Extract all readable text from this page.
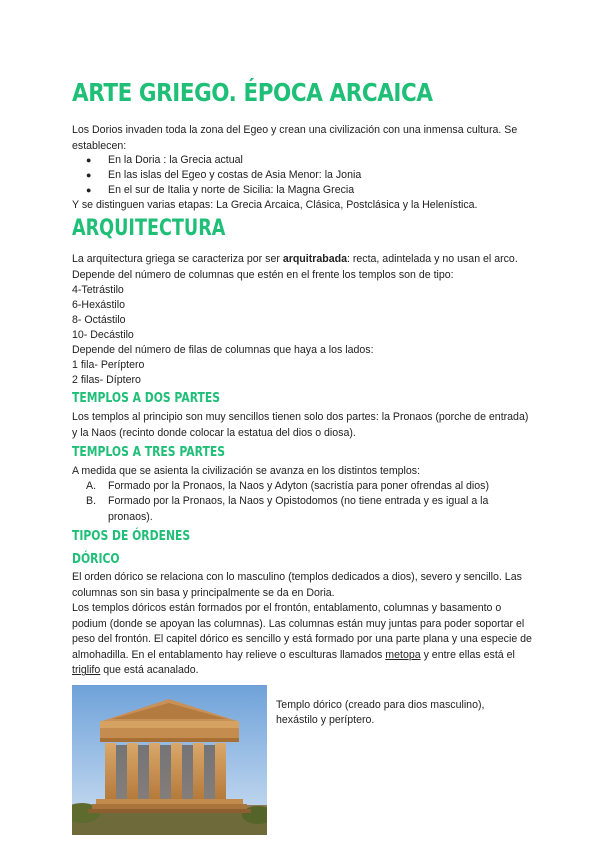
ARTE GRIEGO. ÉPOCA ARCAICA

Los Dorios invaden toda la zona del Egeo y crean una civilización con una inmensa cultura. Se establecen:

● En la Doria : la Grecia actual

● En las islas del Egeo y costas de Asia Menor: la Jonia

● En el sur de Italia y norte de Sicilia: la Magna Grecia

Y se distinguen varias etapas: La Grecia Arcaica, Clásica, Postclásica y la Helenística.

ARQUITECTURA

La arquitectura griega se caracteriza por ser arquitrabada: recta, adintelada y no usan el arco. Depende del número de columnas que estén en el frente los templos son de tipo:

4-Tetrástilo

6-Hexástilo

8- Octástilo

10- Decástilo

Depende del número de filas de columnas que haya a los lados:

1 fila- Períptero

2 filas- Díptero

TEMPLOS A DOS PARTES

Los templos al principio son muy sencillos tienen solo dos partes: la Pronaos (porche de entrada) y la Naos (recinto donde colocar la estatua del dios o diosa).

TEMPLOS A TRES PARTES

A medida que se asienta la civilización se avanza en los distintos templos:

A.	Formado por la Pronaos, la Naos y Adyton (sacristía para poner ofrendas al dios)
B.	Formado por la Pronaos, la Naos y Opistodomos (no tiene entrada y es igual a la pronaos).
TIPOS DE ÓRDENES
DÓRICO

El orden dórico se relaciona con lo masculino (templos dedicados a dios), severo y sencillo. Las columnas son sin basa y principalmente se da en Doria.

Los templos dóricos están formados por el frontón, entablamento, columnas y basamento o podium (donde se apoyan las columnas). Las columnas están muy juntas para poder soportar el peso del frontón. El capitel dórico es sencillo y está formado por una parte plana y una especie de almohadilla. En el entablamento hay relieve o esculturas llamados metopa y entre ellas está el triglifo que está acanalado.

Templo dórico (creado para dios masculino), hexástilo y períptero.
